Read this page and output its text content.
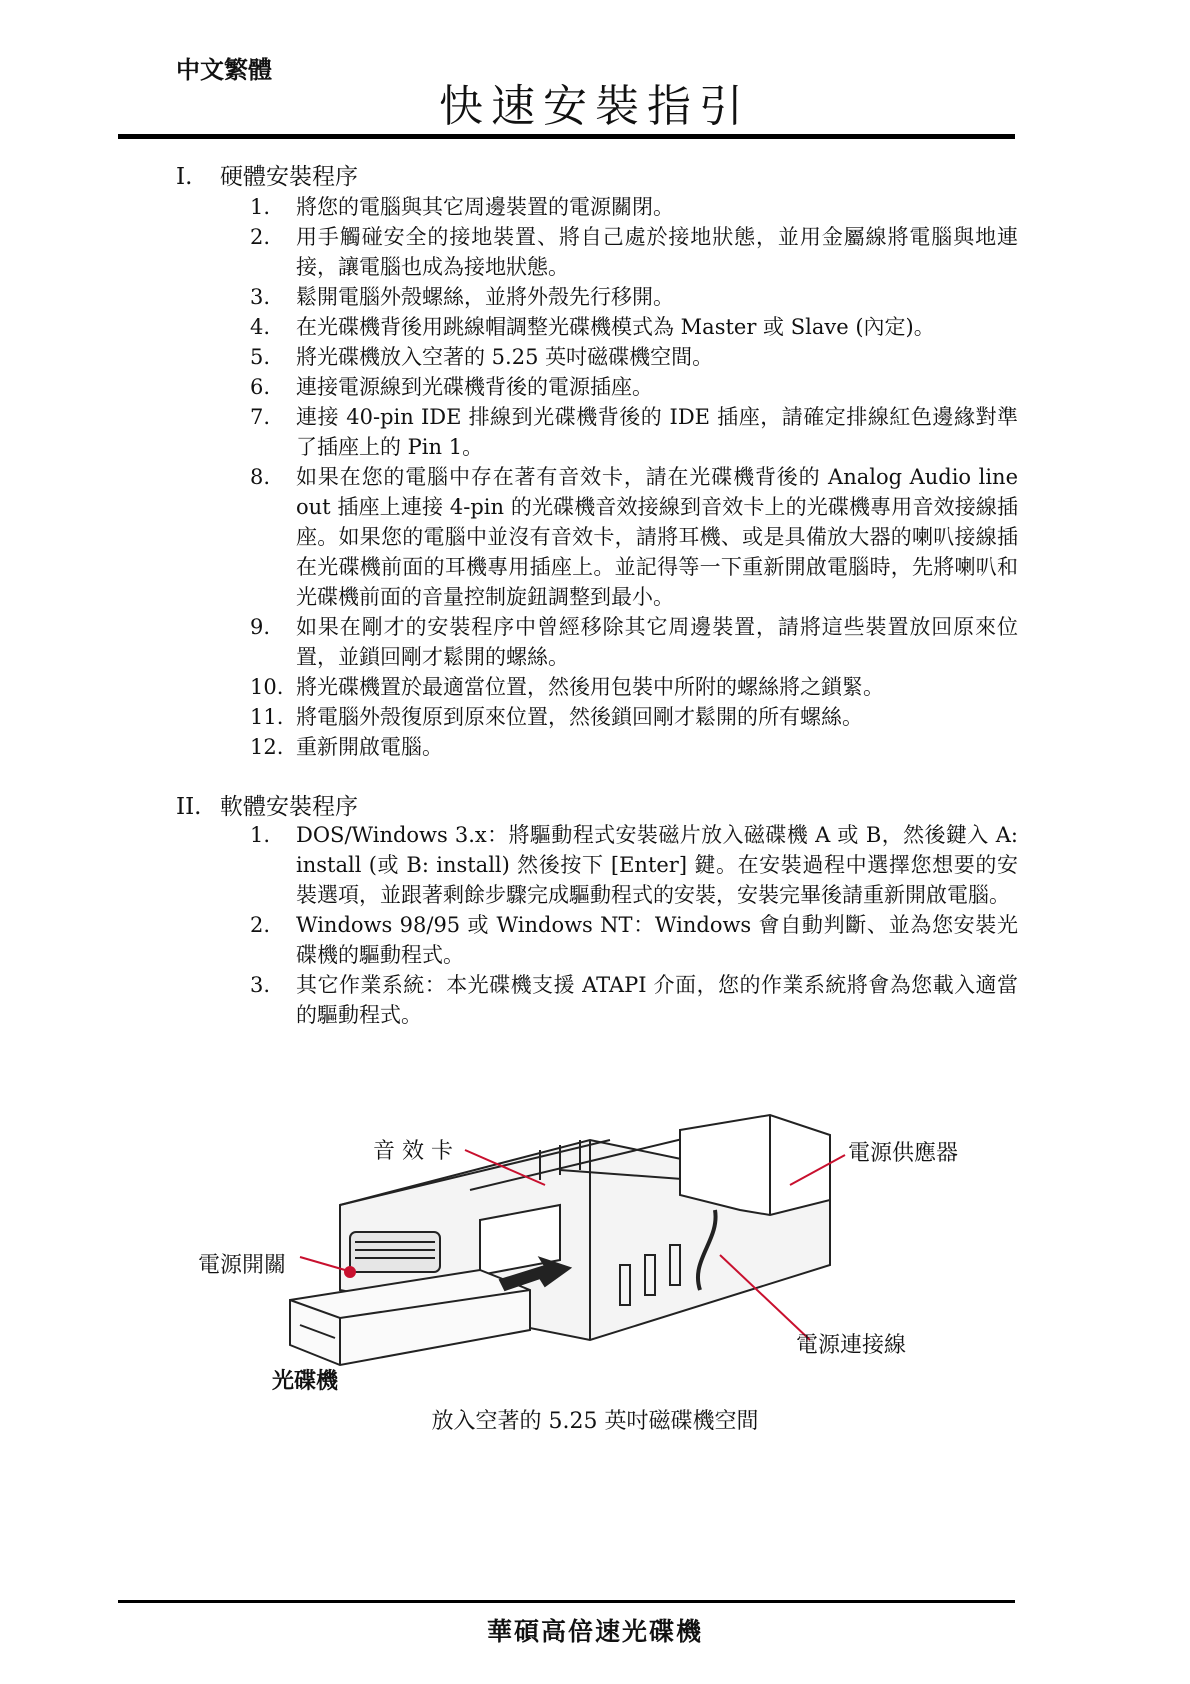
中文繁體
快速安裝指引
I. 硬體安裝程序
1.	將您的電腦與其它周邊裝置的電源關閉。
2.	用手觸碰安全的接地裝置、將自己處於接地狀態，並用金屬線將電腦與地連接，讓電腦也成為接地狀態。
3.	鬆開電腦外殼螺絲，並將外殼先行移開。
4.	在光碟機背後用跳線帽調整光碟機模式為 Master 或 Slave (內定)。
5.	將光碟機放入空著的 5.25 英吋磁碟機空間。
6.	連接電源線到光碟機背後的電源插座。
7.	連接 40-pin IDE 排線到光碟機背後的 IDE 插座，請確定排線紅色邊緣對準了插座上的 Pin 1。
8.	如果在您的電腦中存在著有音效卡，請在光碟機背後的 Analog Audio line out 插座上連接 4-pin 的光碟機音效接線到音效卡上的光碟機專用音效接線插座。如果您的電腦中並沒有音效卡，請將耳機、或是具備放大器的喇叭接線插在光碟機前面的耳機專用插座上。並記得等一下重新開啟電腦時，先將喇叭和光碟機前面的音量控制旋鈕調整到最小。
9.	如果在剛才的安裝程序中曾經移除其它周邊裝置，請將這些裝置放回原來位置，並鎖回剛才鬆開的螺絲。
10. 將光碟機置於最適當位置，然後用包裝中所附的螺絲將之鎖緊。
11. 將電腦外殼復原到原來位置，然後鎖回剛才鬆開的所有螺絲。
12. 重新開啟電腦。
II. 軟體安裝程序
1.	DOS/Windows 3.x：將驅動程式安裝磁片放入磁碟機 A 或 B，然後鍵入 A: install (或 B: install) 然後按下 [Enter] 鍵。在安裝過程中選擇您想要的安裝選項，並跟著剩餘步驟完成驅動程式的安裝，安裝完畢後請重新開啟電腦。
2.	Windows 98/95 或 Windows NT：Windows 會自動判斷、並為您安裝光碟機的驅動程式。
3.	其它作業系統：本光碟機支援 ATAPI 介面，您的作業系統將會為您載入適當的驅動程式。
音 效 卡	電源供應器
電源開關
電源連接線
光碟機
放入空著的 5.25 英吋磁碟機空間
華碩高倍速光碟機
